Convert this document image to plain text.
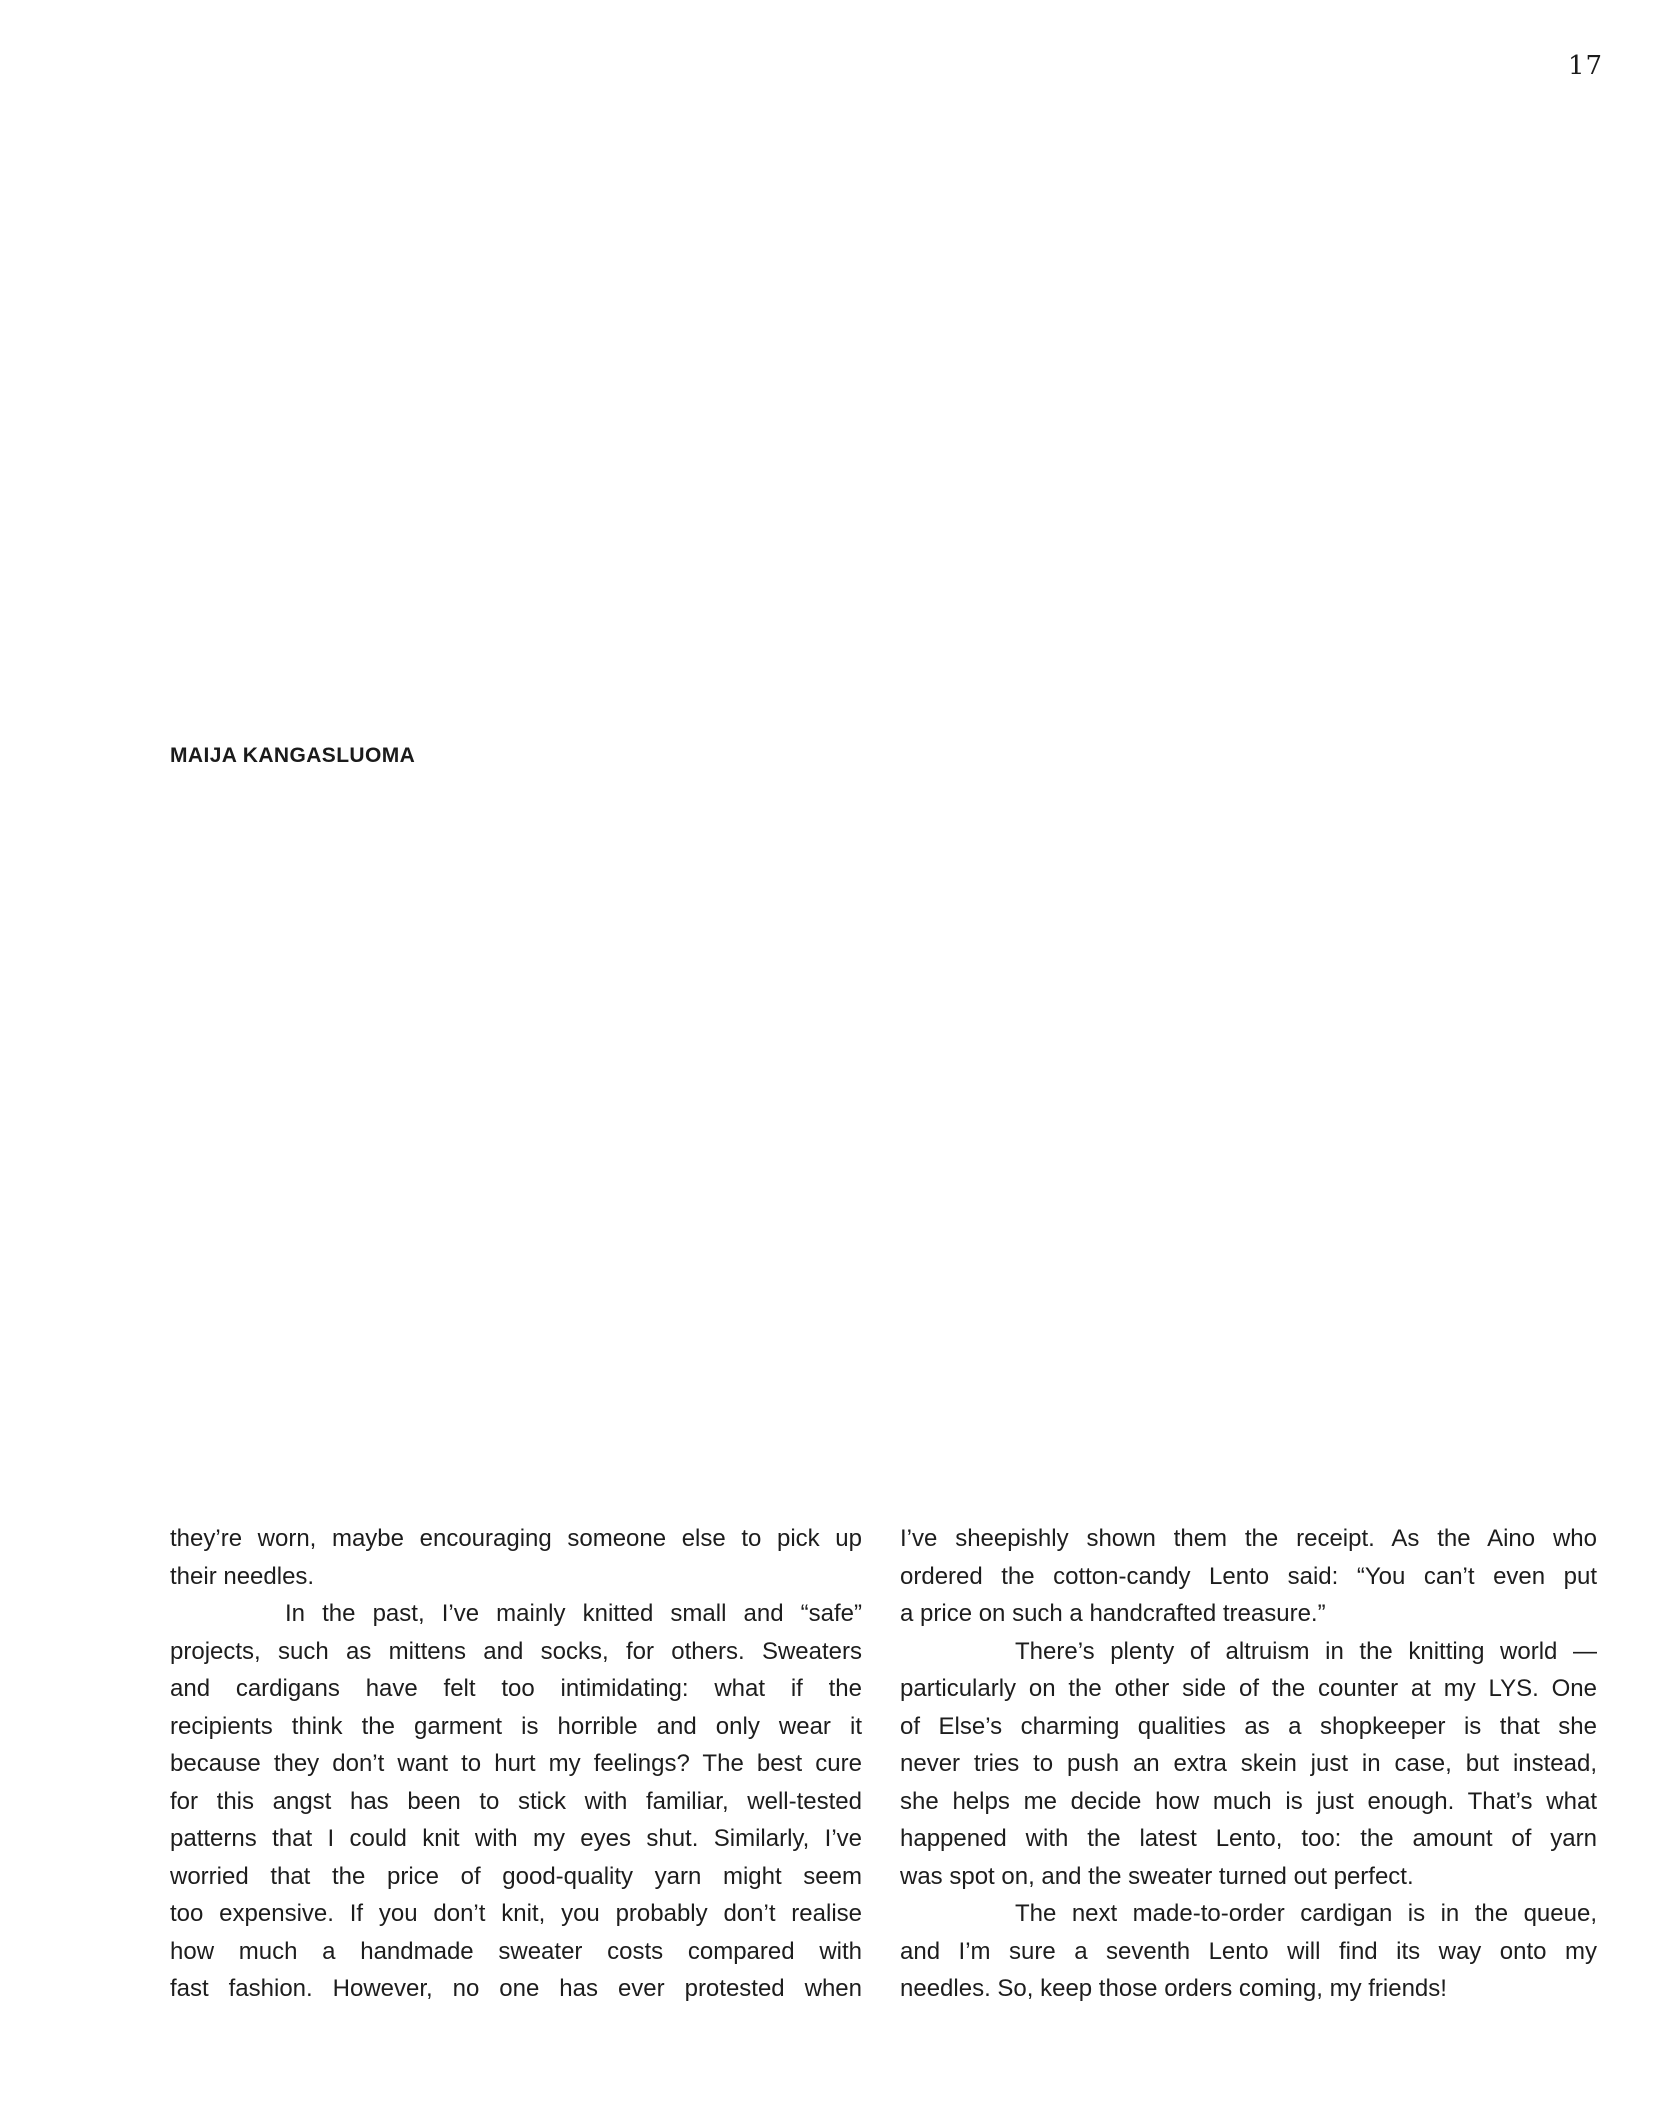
17
MAIJA KANGASLUOMA
they’re worn, maybe encouraging someone else to pick up
their needles.
In the past, I’ve mainly knitted small and “safe”
projects, such as mittens and socks, for others. Sweaters
and cardigans have felt too intimidating: what if the
recipients think the garment is horrible and only wear it
because they don’t want to hurt my feelings? The best cure
for this angst has been to stick with familiar, well-tested
patterns that I could knit with my eyes shut. Similarly, I’ve
worried that the price of good-quality yarn might seem
too expensive. If you don’t knit, you probably don’t realise
how much a handmade sweater costs compared with
fast fashion. However, no one has ever protested when
I’ve sheepishly shown them the receipt. As the Aino who
ordered the cotton-candy Lento said: “You can’t even put
a price on such a handcrafted treasure.”
There’s plenty of altruism in the knitting world —
particularly on the other side of the counter at my LYS. One
of Else’s charming qualities as a shopkeeper is that she
never tries to push an extra skein just in case, but instead,
she helps me decide how much is just enough. That’s what
happened with the latest Lento, too: the amount of yarn
was spot on, and the sweater turned out perfect.
The next made-to-order cardigan is in the queue,
and I’m sure a seventh Lento will find its way onto my
needles. So, keep those orders coming, my friends!
